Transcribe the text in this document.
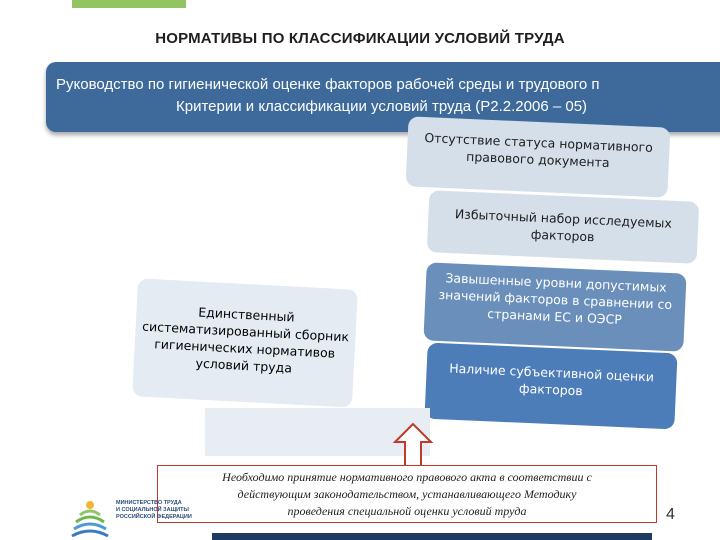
НОРМАТИВЫ ПО КЛАССИФИКАЦИИ УСЛОВИЙ ТРУДА
Руководство по гигиенической оценке факторов рабочей среды и трудового п
Критерии и классификации условий труда (Р2.2.2006 – 05)
Отсутствие статуса нормативного правового документа
Избыточный набор исследуемых факторов
Завышенные уровни допустимых значений факторов в сравнении со странами ЕС и ОЭСР
Наличие субъективной оценки факторов
Единственный систематизированный сборник гигиенических нормативов условий труда
Необходимо принятие нормативного правового акта в соответствии с
действующим законодательством, устанавливающего Методику
проведения специальной оценки условий труда	4
МИНИСТЕРСТВО ТРУДА
И СОЦИАЛЬНОЙ ЗАЩИТЫ
РОССИЙСКОЙ ФЕДЕРАЦИИ
